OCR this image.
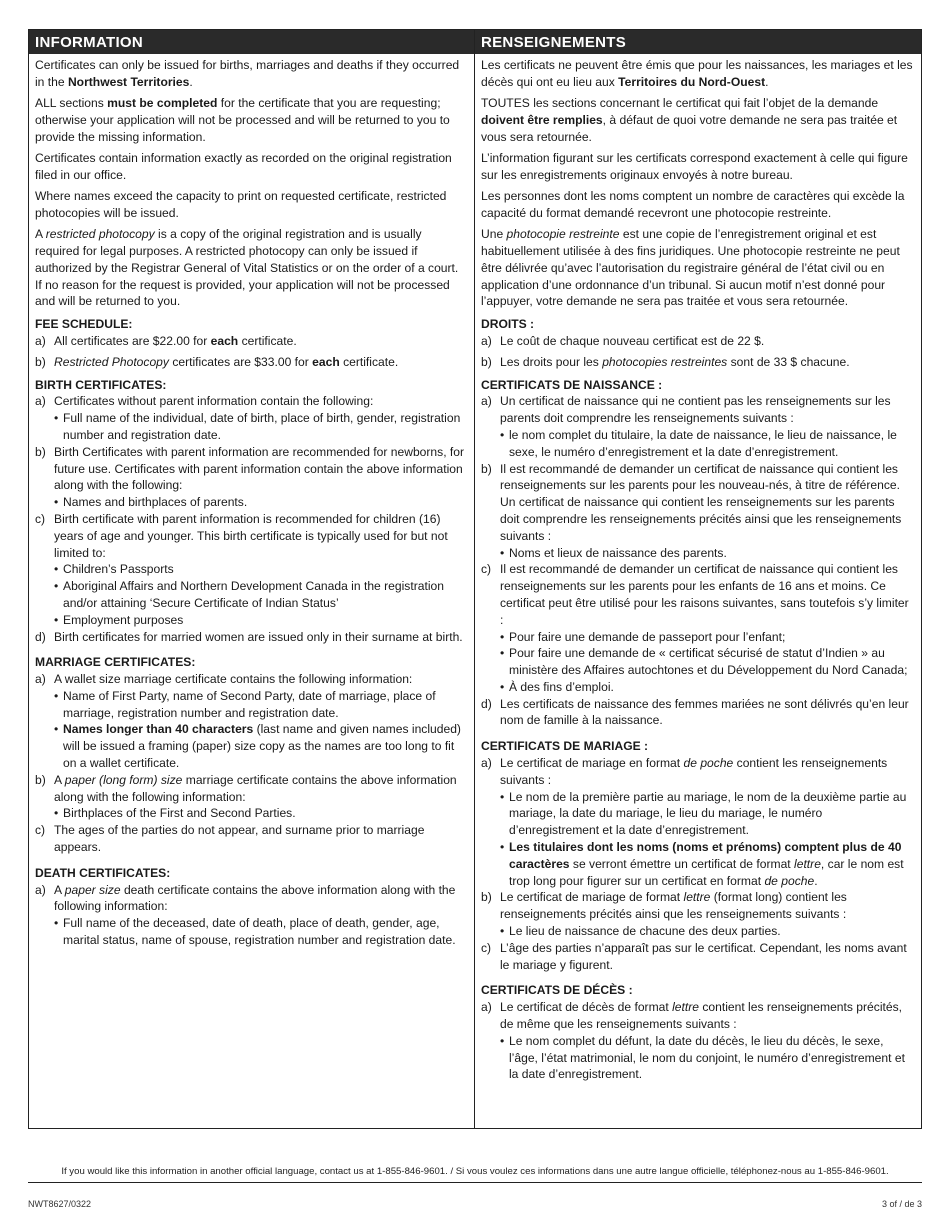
INFORMATION
Certificates can only be issued for births, marriages and deaths if they occurred in the Northwest Territories.
ALL sections must be completed for the certificate that you are requesting; otherwise your application will not be processed and will be returned to you to provide the missing information.
Certificates contain information exactly as recorded on the original registration filed in our office.
Where names exceed the capacity to print on requested certificate, restricted photocopies will be issued.
A restricted photocopy is a copy of the original registration and is usually required for legal purposes. A restricted photocopy can only be issued if authorized by the Registrar General of Vital Statistics or on the order of a court. If no reason for the request is provided, your application will not be processed and will be returned to you.
FEE SCHEDULE:
a) All certificates are $22.00 for each certificate.
b) Restricted Photocopy certificates are $33.00 for each certificate.
BIRTH CERTIFICATES:
a) Certificates without parent information contain the following:
• Full name of the individual, date of birth, place of birth, gender, registration number and registration date.
b) Birth Certificates with parent information are recommended for newborns, for future use. Certificates with parent information contain the above information along with the following:
• Names and birthplaces of parents.
c) Birth certificate with parent information is recommended for children (16) years of age and younger. This birth certificate is typically used for but not limited to:
• Children’s Passports
• Aboriginal Affairs and Northern Development Canada in the registration and/or attaining ‘Secure Certificate of Indian Status’
• Employment purposes
d) Birth certificates for married women are issued only in their surname at birth.
MARRIAGE CERTIFICATES:
a) A wallet size marriage certificate contains the following information:
• Name of First Party, name of Second Party, date of marriage, place of marriage, registration number and registration date.
• Names longer than 40 characters (last name and given names included) will be issued a framing (paper) size copy as the names are too long to fit on a wallet certificate.
b) A paper (long form) size marriage certificate contains the above information along with the following information:
• Birthplaces of the First and Second Parties.
c) The ages of the parties do not appear, and surname prior to marriage appears.
DEATH CERTIFICATES:
a) A paper size death certificate contains the above information along with the following information:
• Full name of the deceased, date of death, place of death, gender, age, marital status, name of spouse, registration number and registration date.
RENSEIGNEMENTS
Les certificats ne peuvent être émis que pour les naissances, les mariages et les décès qui ont eu lieu aux Territoires du Nord-Ouest.
TOUTES les sections concernant le certificat qui fait l’objet de la demande doivent être remplies, à défaut de quoi votre demande ne sera pas traitée et vous sera retournée.
L’information figurant sur les certificats correspond exactement à celle qui figure sur les enregistrements originaux envoyés à notre bureau.
Les personnes dont les noms comptent un nombre de caractères qui excède la capacité du format demandé recevront une photocopie restreinte.
Une photocopie restreinte est une copie de l’enregistrement original et est habituellement utilisée à des fins juridiques. Une photocopie restreinte ne peut être délivrée qu’avec l’autorisation du registraire général de l’état civil ou en application d’une ordonnance d’un tribunal. Si aucun motif n’est donné pour l’appuyer, votre demande ne sera pas traitée et vous sera retournée.
DROITS :
a) Le coût de chaque nouveau certificat est de 22 $.
b) Les droits pour les photocopies restreintes sont de 33 $ chacune.
CERTIFICATS DE NAISSANCE :
a) Un certificat de naissance qui ne contient pas les renseignements sur les parents doit comprendre les renseignements suivants :
• le nom complet du titulaire, la date de naissance, le lieu de naissance, le sexe, le numéro d’enregistrement et la date d’enregistrement.
b) Il est recommandé de demander un certificat de naissance qui contient les renseignements sur les parents pour les nouveau-nés, à titre de référence. Un certificat de naissance qui contient les renseignements sur les parents doit comprendre les renseignements précités ainsi que les renseignements suivants :
• Noms et lieux de naissance des parents.
c) Il est recommandé de demander un certificat de naissance qui contient les renseignements sur les parents pour les enfants de 16 ans et moins. Ce certificat peut être utilisé pour les raisons suivantes, sans toutefois s’y limiter :
• Pour faire une demande de passeport pour l’enfant;
• Pour faire une demande de « certificat sécurisé de statut d’Indien » au ministère des Affaires autochtones et du Développement du Nord Canada;
• À des fins d’emploi.
d) Les certificats de naissance des femmes mariées ne sont délivrés qu’en leur nom de famille à la naissance.
CERTIFICATS DE MARIAGE :
a) Le certificat de mariage en format de poche contient les renseignements suivants :
• Le nom de la première partie au mariage, le nom de la deuxième partie au mariage, la date du mariage, le lieu du mariage, le numéro d’enregistrement et la date d’enregistrement.
• Les titulaires dont les noms (noms et prénoms) comptent plus de 40 caractères se verront émettre un certificat de format lettre, car le nom est trop long pour figurer sur un certificat en format de poche.
b) Le certificat de mariage de format lettre (format long) contient les renseignements précités ainsi que les renseignements suivants :
• Le lieu de naissance de chacune des deux parties.
c) L’âge des parties n’apparaît pas sur le certificat. Cependant, les noms avant le mariage y figurent.
CERTIFICATS DE DÉCÈS :
a) Le certificat de décès de format lettre contient les renseignements précités, de même que les renseignements suivants :
• Le nom complet du défunt, la date du décès, le lieu du décès, le sexe, l’âge, l’état matrimonial, le nom du conjoint, le numéro d’enregistrement et la date d’enregistrement.
If you would like this information in another official language, contact us at 1-855-846-9601. / Si vous voulez ces informations dans une autre langue officielle, téléphonez-nous au 1-855-846-9601.
NWT8627/0322	3 of / de 3
